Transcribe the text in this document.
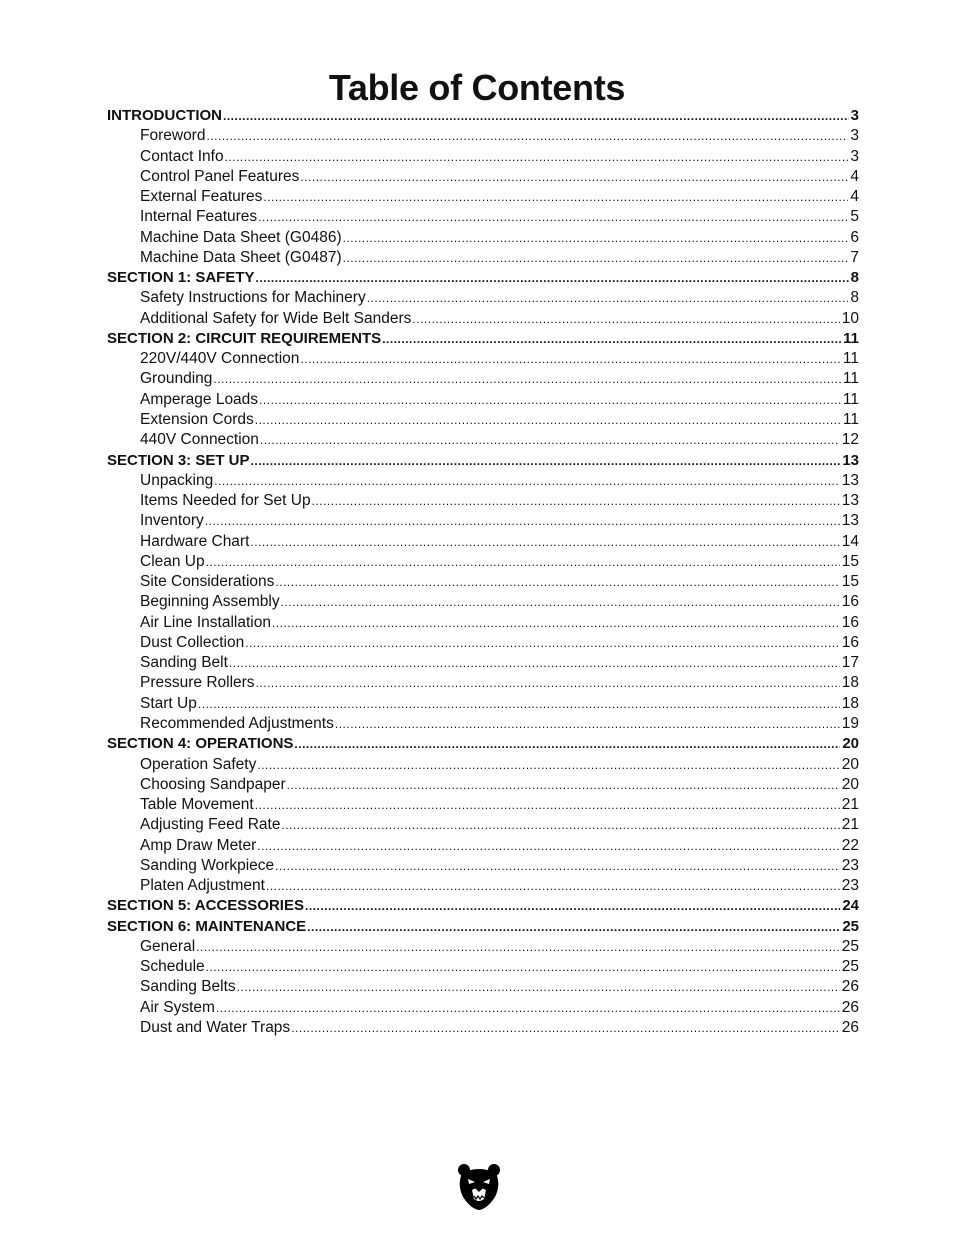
Table of Contents
INTRODUCTION .....	3
Foreword .....	3
Contact Info .....	3
Control Panel Features .....	4
External Features .....	4
Internal Features .....	5
Machine Data Sheet (G0486) .....	6
Machine Data Sheet (G0487) .....	7
SECTION 1: SAFETY .....	8
Safety Instructions for Machinery .....	8
Additional Safety for Wide Belt Sanders .....	10
SECTION 2: CIRCUIT REQUIREMENTS .....	11
220V/440V Connection .....	11
Grounding .....	11
Amperage Loads .....	11
Extension Cords .....	11
440V Connection .....	12
SECTION 3: SET UP .....	13
Unpacking .....	13
Items Needed for Set Up .....	13
Inventory .....	13
Hardware Chart .....	14
Clean Up .....	15
Site Considerations .....	15
Beginning Assembly .....	16
Air Line Installation .....	16
Dust Collection .....	16
Sanding Belt .....	17
Pressure Rollers .....	18
Start Up .....	18
Recommended Adjustments .....	19
SECTION 4: OPERATIONS .....	20
Operation Safety .....	20
Choosing Sandpaper .....	20
Table Movement .....	21
Adjusting Feed Rate .....	21
Amp Draw Meter .....	22
Sanding Workpiece .....	23
Platen Adjustment .....	23
SECTION 5: ACCESSORIES .....	24
SECTION 6: MAINTENANCE .....	25
General .....	25
Schedule .....	25
Sanding Belts .....	26
Air System .....	26
Dust and Water Traps .....	26
